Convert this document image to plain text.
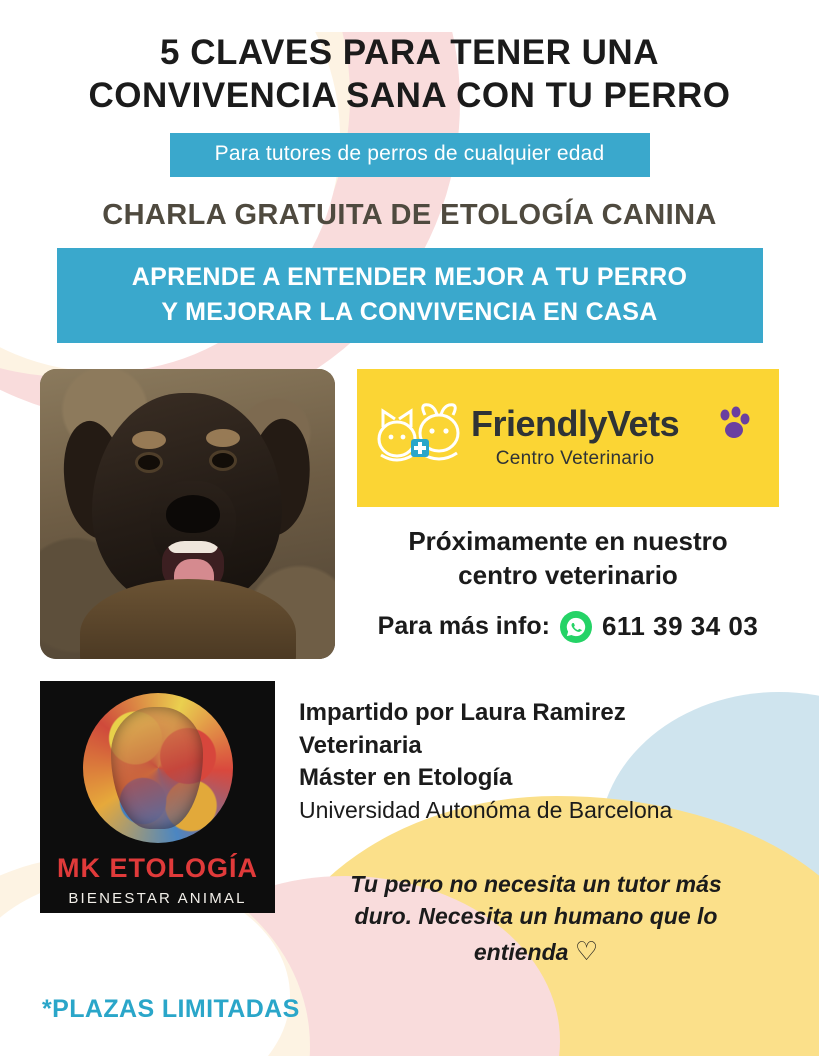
5 CLAVES PARA TENER UNA CONVIVENCIA SANA CON TU PERRO
Para tutores de perros de cualquier edad
CHARLA GRATUITA DE ETOLOGÍA CANINA
APRENDE A ENTENDER MEJOR A TU PERRO
Y MEJORAR LA CONVIVENCIA EN CASA
FriendlyVets
Centro Veterinario
Próximamente en nuestro
centro veterinario
Para más info: 611 39 34 03
MK ETOLOGÍA
BIENESTAR ANIMAL
Impartido por Laura Ramirez
Veterinaria
Máster en Etología
Universidad Autonóma de Barcelona
Tu perro no necesita un tutor más
duro. Necesita un humano que lo
entienda ♡
*PLAZAS LIMITADAS
